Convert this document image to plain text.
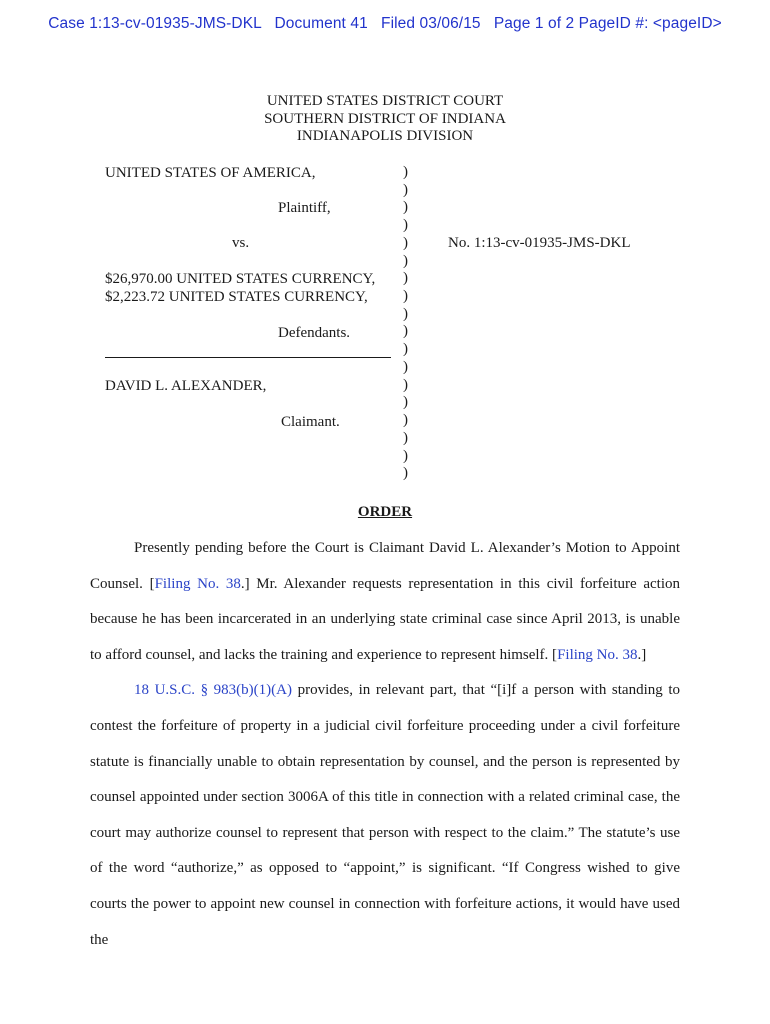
Case 1:13-cv-01935-JMS-DKL   Document 41   Filed 03/06/15   Page 1 of 2 PageID #: <pageID>
UNITED STATES DISTRICT COURT
SOUTHERN DISTRICT OF INDIANA
INDIANAPOLIS DIVISION
UNITED STATES OF AMERICA,
Plaintiff,
vs.
$26,970.00 UNITED STATES CURRENCY,
$2,223.72 UNITED STATES CURRENCY,
Defendants.
DAVID L. ALEXANDER,
Claimant.
)
)
)
)
)
)
)
)
)
)
)
)
)
)
)
)
)
)
No. 1:13-cv-01935-JMS-DKL
ORDER

Presently pending before the Court is Claimant David L. Alexander’s Motion to Appoint Counsel. [Filing No. 38.] Mr. Alexander requests representation in this civil forfeiture action because he has been incarcerated in an underlying state criminal case since April 2013, is unable to afford counsel, and lacks the training and experience to represent himself. [Filing No. 38.]

18 U.S.C. § 983(b)(1)(A) provides, in relevant part, that “[i]f a person with standing to contest the forfeiture of property in a judicial civil forfeiture proceeding under a civil forfeiture statute is financially unable to obtain representation by counsel, and the person is represented by counsel appointed under section 3006A of this title in connection with a related criminal case, the court may authorize counsel to represent that person with respect to the claim.” The statute’s use of the word “authorize,” as opposed to “appoint,” is significant. “If Congress wished to give courts the power to appoint new counsel in connection with forfeiture actions, it would have used the
